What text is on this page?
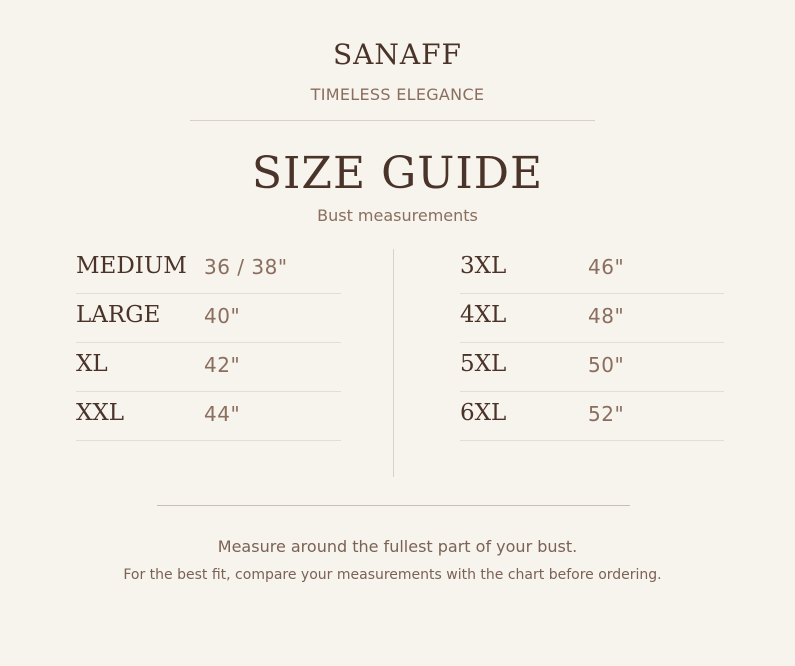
SANAFF
TIMELESS ELEGANCE
SIZE GUIDE
Bust measurements
MEDIUM 36 / 38"
LARGE 40"
XL	42"
XXL	44"
3XL	46"
4XL	48"
5XL	50"
6XL	52"
Measure around the fullest part of your bust.
For the best fit, compare your measurements with the chart before ordering.
